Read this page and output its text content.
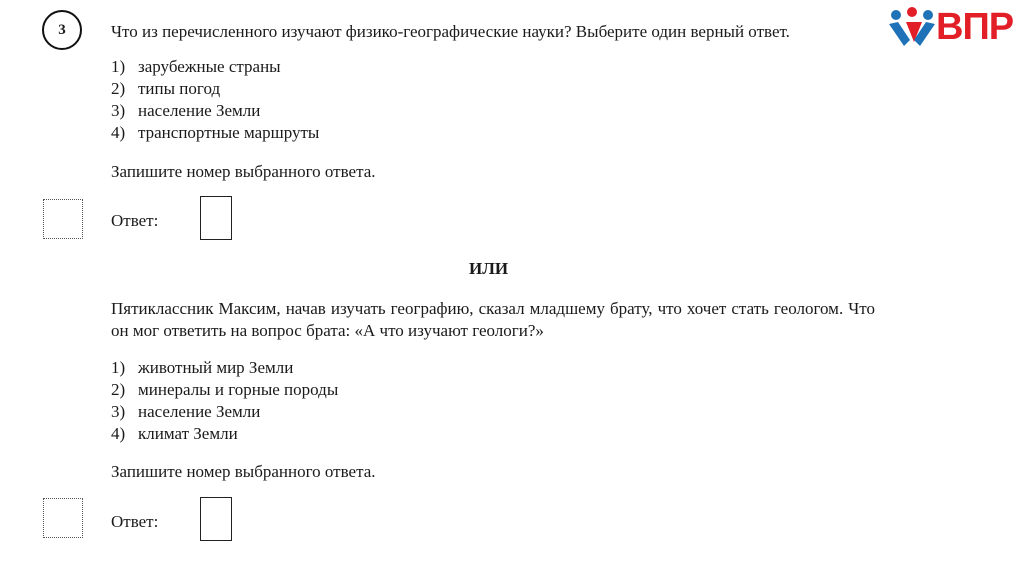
3	ВПР
Что из перечисленного изучают физико-географические науки? Выберите один верный ответ.
1) зарубежные страны
2) типы погод
3) население Земли
4) транспортные маршруты
Запишите номер выбранного ответа.
Ответ:
ИЛИ
Пятиклассник Максим, начав изучать географию, сказал младшему брату, что хочет стать геологом. Что он мог ответить на вопрос брата: «А что изучают геологи?»
1) животный мир Земли
2) минералы и горные породы
3) население Земли
4) климат Земли
Запишите номер выбранного ответа.
Ответ:
